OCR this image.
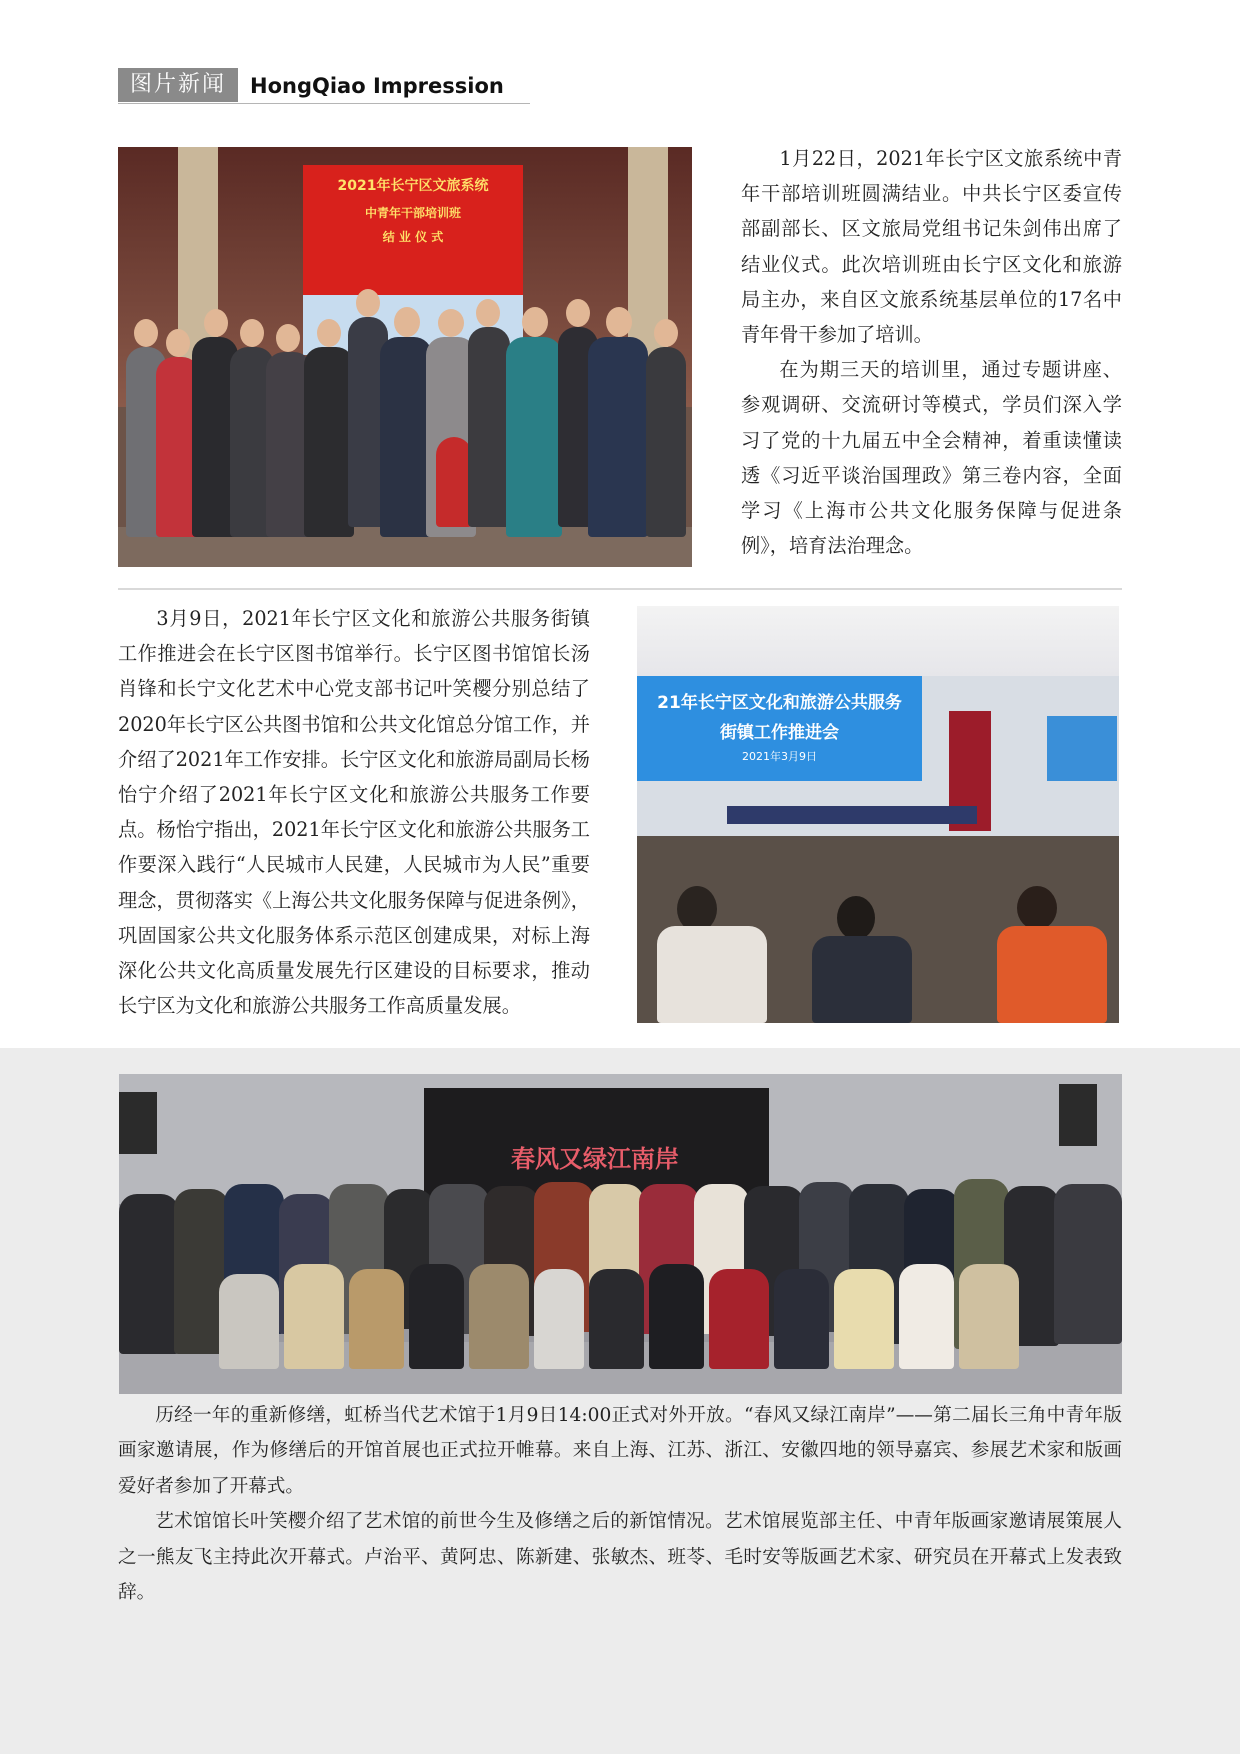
图片新闻	HongQiao Impression
2021年长宁区文旅系统
中青年干部培训班
结 业 仪 式

1月22日，2021年长宁区文旅系统中青年干部培训班圆满结业。中共长宁区委宣传部副部长、区文旅局党组书记朱剑伟出席了结业仪式。此次培训班由长宁区文化和旅游局主办，来自区文旅系统基层单位的17名中青年骨干参加了培训。

在为期三天的培训里，通过专题讲座、参观调研、交流研讨等模式，学员们深入学习了党的十九届五中全会精神，着重读懂读透《习近平谈治国理政》第三卷内容，全面学习《上海市公共文化服务保障与促进条例》，培育法治理念。

3月9日，2021年长宁区文化和旅游公共服务街镇工作推进会在长宁区图书馆举行。长宁区图书馆馆长汤肖锋和长宁文化艺术中心党支部书记叶笑樱分别总结了2020年长宁区公共图书馆和公共文化馆总分馆工作，并介绍了2021年工作安排。长宁区文化和旅游局副局长杨怡宁介绍了2021年长宁区文化和旅游公共服务工作要点。杨怡宁指出，2021年长宁区文化和旅游公共服务工作要深入践行“人民城市人民建，人民城市为人民”重要理念，贯彻落实《上海公共文化服务保障与促进条例》，巩固国家公共文化服务体系示范区创建成果，对标上海深化公共文化高质量发展先行区建设的目标要求，推动长宁区为文化和旅游公共服务工作高质量发展。

21年长宁区文化和旅游公共服务
街镇工作推进会
2021年3月9日
春风又绿江南岸

历经一年的重新修缮，虹桥当代艺术馆于1月9日14:00正式对外开放。“春风又绿江南岸”——第二届长三角中青年版画家邀请展，作为修缮后的开馆首展也正式拉开帷幕。来自上海、江苏、浙江、安徽四地的领导嘉宾、参展艺术家和版画爱好者参加了开幕式。

艺术馆馆长叶笑樱介绍了艺术馆的前世今生及修缮之后的新馆情况。艺术馆展览部主任、中青年版画家邀请展策展人之一熊友飞主持此次开幕式。卢治平、黄阿忠、陈新建、张敏杰、班苓、毛时安等版画艺术家、研究员在开幕式上发表致辞。
